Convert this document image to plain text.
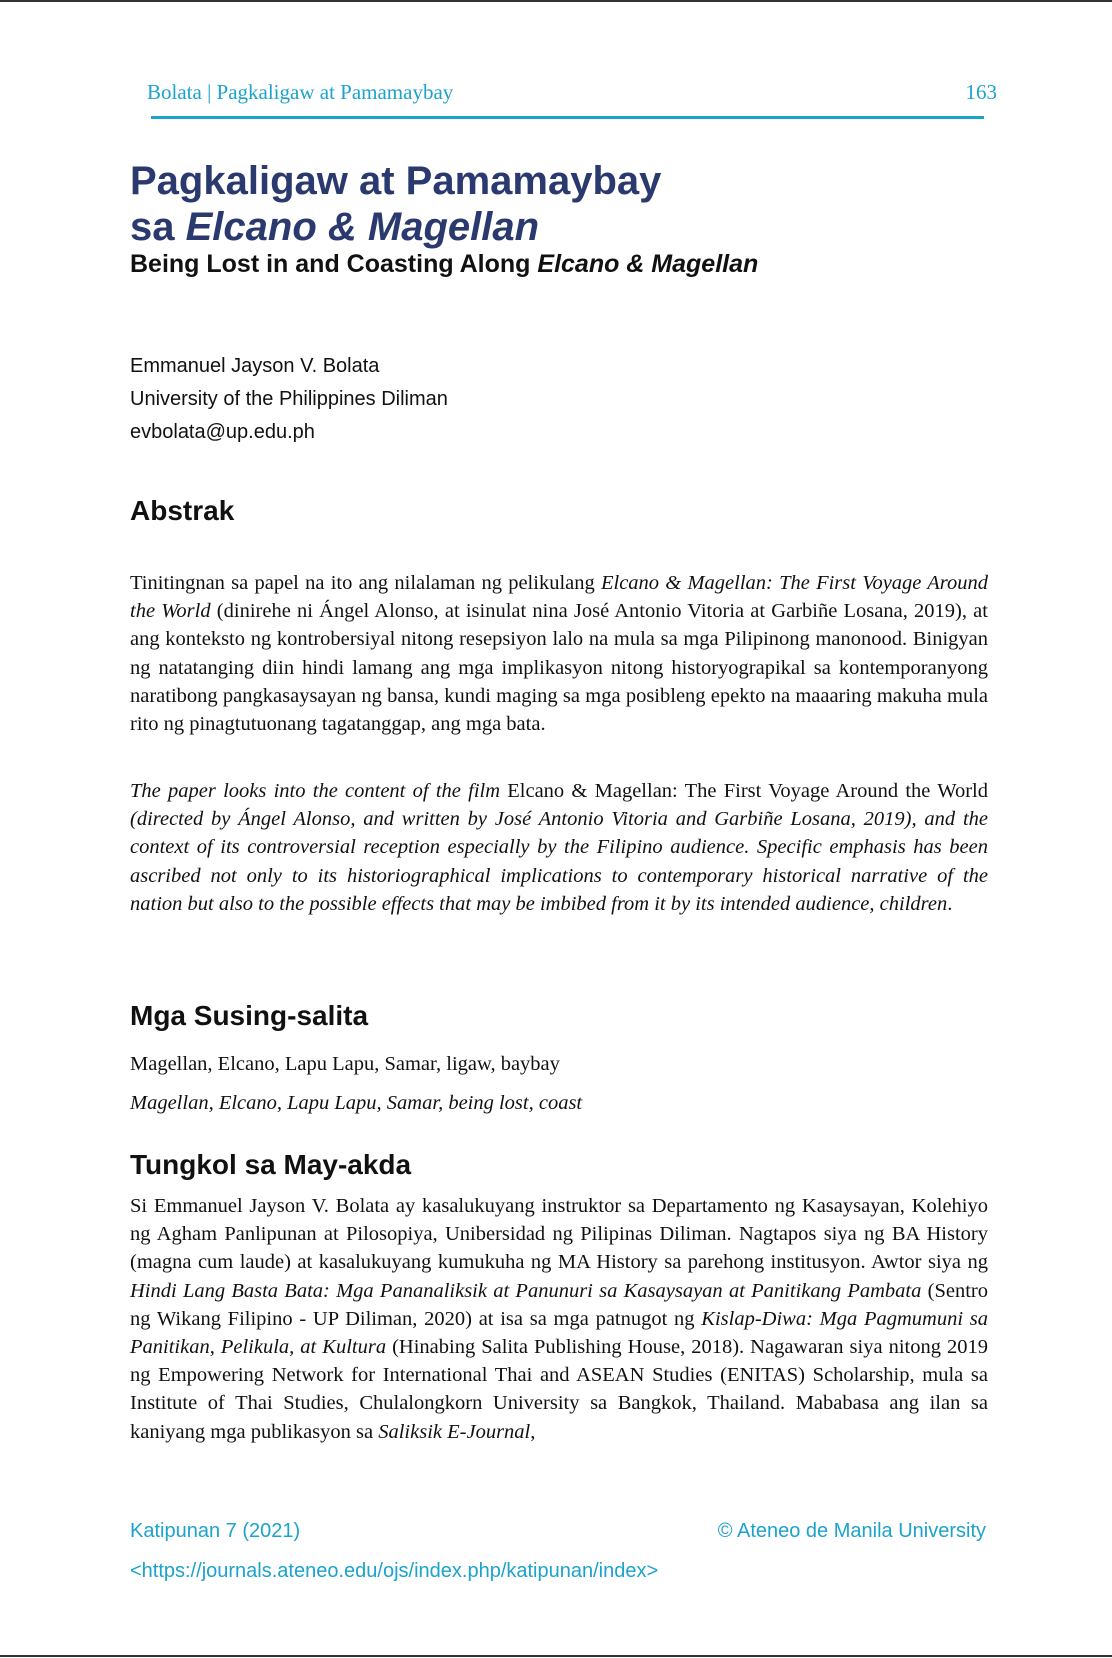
Bolata | Pagkaligaw at Pamamaybay	163
Pagkaligaw at Pamamaybay
sa Elcano & Magellan
Being Lost in and Coasting Along Elcano & Magellan
Emmanuel Jayson V. Bolata
University of the Philippines Diliman
evbolata@up.edu.ph
Abstrak
Tinitingnan sa papel na ito ang nilalaman ng pelikulang Elcano & Magellan: The First Voyage Around the World (dinirehe ni Ángel Alonso, at isinulat nina José Antonio Vitoria at Garbiñe Losana, 2019), at ang konteksto ng kontrobersiyal nitong resepsiyon lalo na mula sa mga Pilipinong manonood. Binigyan ng natatanging diin hindi lamang ang mga implikasyon nitong historyograpikal sa kontemporanyong naratibong pangkasaysayan ng bansa, kundi maging sa mga posibleng epekto na maaaring makuha mula rito ng pinagtutuonang tagatanggap, ang mga bata.
The paper looks into the content of the film Elcano & Magellan: The First Voyage Around the World (directed by Ángel Alonso, and written by José Antonio Vitoria and Garbiñe Losana, 2019), and the context of its controversial reception especially by the Filipino audience. Specific emphasis has been ascribed not only to its historiographical implications to contemporary historical narrative of the nation but also to the possible effects that may be imbibed from it by its intended audience, children.
Mga Susing-salita
Magellan, Elcano, Lapu Lapu, Samar, ligaw, baybay
Magellan, Elcano, Lapu Lapu, Samar, being lost, coast
Tungkol sa May-akda
Si Emmanuel Jayson V. Bolata ay kasalukuyang instruktor sa Departamento ng Kasaysayan, Kolehiyo ng Agham Panlipunan at Pilosopiya, Unibersidad ng Pilipinas Diliman. Nagtapos siya ng BA History (magna cum laude) at kasalukuyang kumukuha ng MA History sa parehong institusyon. Awtor siya ng Hindi Lang Basta Bata: Mga Pananaliksik at Panunuri sa Kasaysayan at Panitikang Pambata (Sentro ng Wikang Filipino - UP Diliman, 2020) at isa sa mga patnugot ng Kislap-Diwa: Mga Pagmumuni sa Panitikan, Pelikula, at Kultura (Hinabing Salita Publishing House, 2018). Nagawaran siya nitong 2019 ng Empowering Network for International Thai and ASEAN Studies (ENITAS) Scholarship, mula sa Institute of Thai Studies, Chulalongkorn University sa Bangkok, Thailand. Mababasa ang ilan sa kaniyang mga publikasyon sa Saliksik E-Journal,
Katipunan 7 (2021)	© Ateneo de Manila University
<https://journals.ateneo.edu/ojs/index.php/katipunan/index>
